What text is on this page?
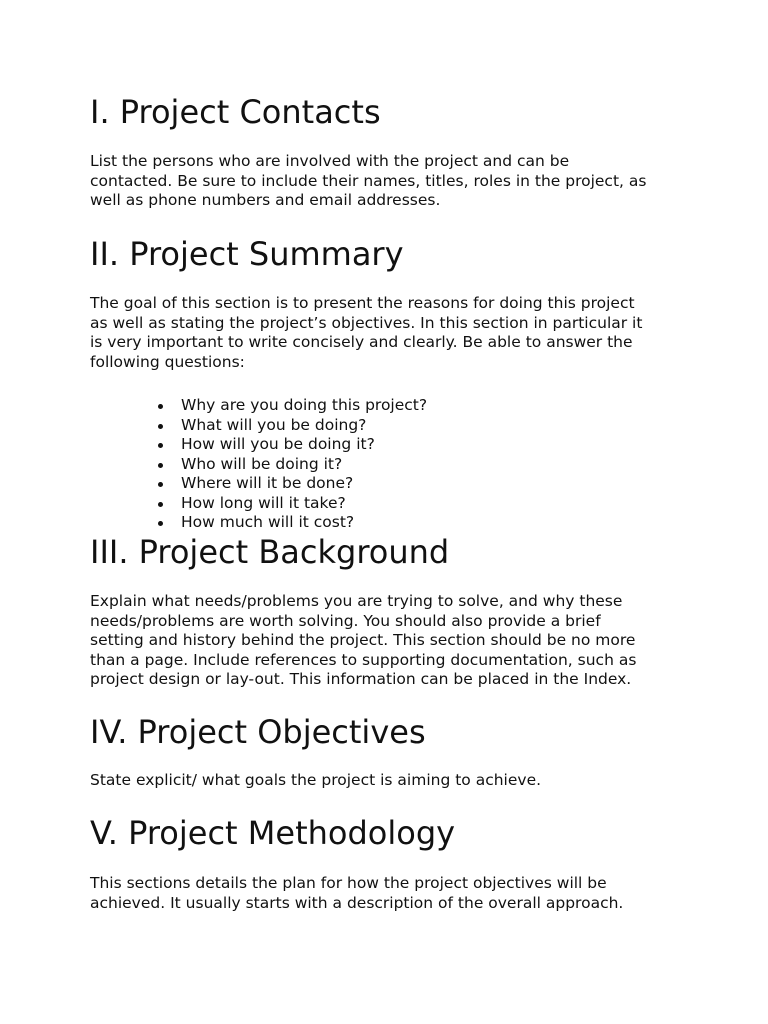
I. Project Contacts
List the persons who are involved with the project and can be
contacted. Be sure to include their names, titles, roles in the project, as
well as phone numbers and email addresses.
II. Project Summary
The goal of this section is to present the reasons for doing this project
as well as stating the project’s objectives. In this section in particular it
is very important to write concisely and clearly. Be able to answer the
following questions:
Why are you doing this project?
What will you be doing?
How will you be doing it?
Who will be doing it?
Where will it be done?
How long will it take?
How much will it cost?
III. Project Background
Explain what needs/problems you are trying to solve, and why these
needs/problems are worth solving. You should also provide a brief
setting and history behind the project. This section should be no more
than a page. Include references to supporting documentation, such as
project design or lay-out. This information can be placed in the Index.
IV. Project Objectives
State explicit/ what goals the project is aiming to achieve.
V. Project Methodology
This sections details the plan for how the project objectives will be
achieved. It usually starts with a description of the overall approach.
